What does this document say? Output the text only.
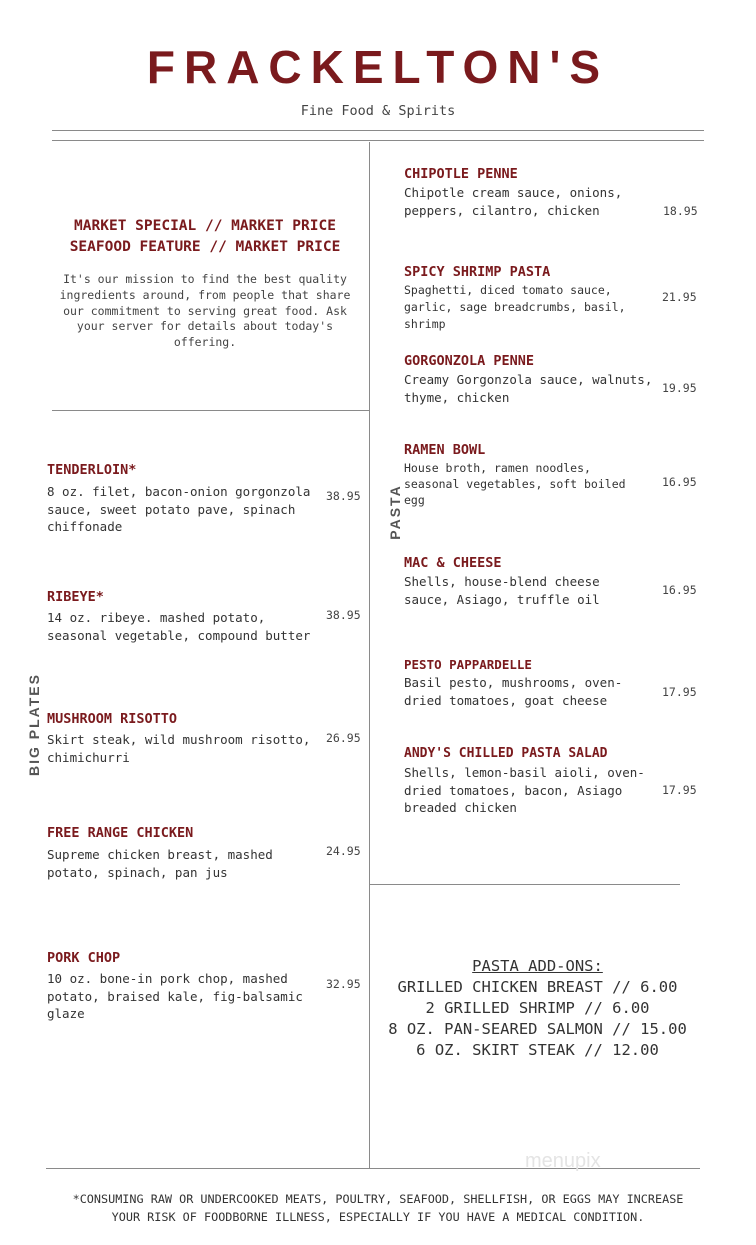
FRACKELTON'S
Fine Food & Spirits
MARKET SPECIAL // MARKET PRICE
SEAFOOD FEATURE // MARKET PRICE
It's our mission to find the best quality ingredients around, from people that share our commitment to serving great food. Ask your server for details about today's offering.
BIG PLATES
PASTA
TENDERLOIN*
8 oz. filet, bacon-onion gorgonzola sauce, sweet potato pave, spinach chiffonade
38.95
RIBEYE*
14 oz. ribeye. mashed potato, seasonal vegetable, compound butter
38.95
MUSHROOM RISOTTO
Skirt steak, wild mushroom risotto, chimichurri
26.95
FREE RANGE CHICKEN
Supreme chicken breast, mashed potato, spinach, pan jus
24.95
PORK CHOP
10 oz. bone-in pork chop, mashed potato, braised kale, fig-balsamic glaze
32.95
CHIPOTLE PENNE
Chipotle cream sauce, onions, peppers, cilantro, chicken	18.95
SPICY SHRIMP PASTA
Spaghetti, diced tomato sauce, garlic, sage breadcrumbs, basil, shrimp
21.95
GORGONZOLA PENNE
Creamy Gorgonzola sauce, walnuts, thyme, chicken
19.95
RAMEN BOWL
House broth, ramen noodles, seasonal vegetables, soft boiled egg
16.95
MAC & CHEESE
Shells, house-blend cheese sauce, Asiago, truffle oil
16.95
PESTO PAPPARDELLE
Basil pesto, mushrooms, oven-dried tomatoes, goat cheese
17.95
ANDY'S CHILLED PASTA SALAD
Shells, lemon-basil aioli, oven-dried tomatoes, bacon, Asiago breaded chicken
17.95
PASTA ADD-ONS:
GRILLED CHICKEN BREAST // 6.00
2 GRILLED SHRIMP // 6.00
8 OZ. PAN-SEARED SALMON // 15.00
6 OZ. SKIRT STEAK // 12.00
menupix
*CONSUMING RAW OR UNDERCOOKED MEATS, POULTRY, SEAFOOD, SHELLFISH, OR EGGS MAY INCREASE
YOUR RISK OF FOODBORNE ILLNESS, ESPECIALLY IF YOU HAVE A MEDICAL CONDITION.
